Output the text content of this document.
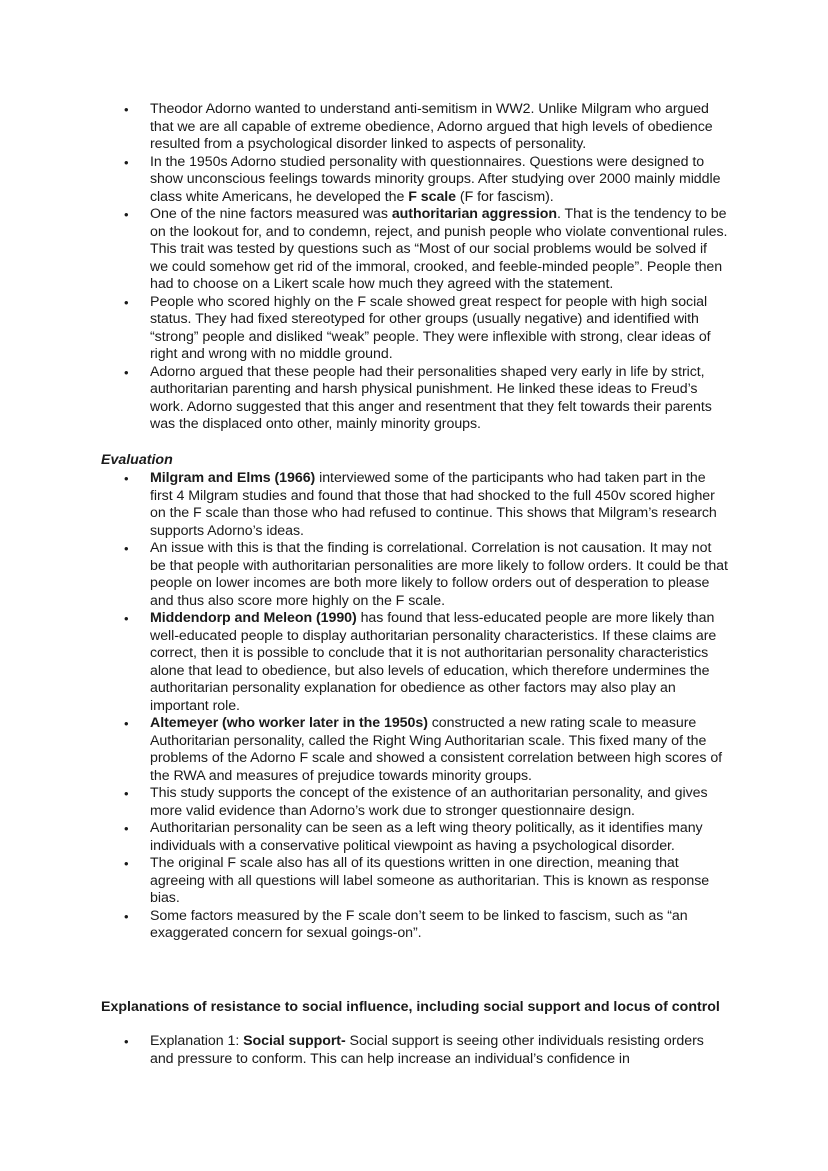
• Theodor Adorno wanted to understand anti-semitism in WW2. Unlike Milgram who argued that we are all capable of extreme obedience, Adorno argued that high levels of obedience resulted from a psychological disorder linked to aspects of personality.
• In the 1950s Adorno studied personality with questionnaires. Questions were designed to show unconscious feelings towards minority groups. After studying over 2000 mainly middle class white Americans, he developed the F scale (F for fascism).
• One of the nine factors measured was authoritarian aggression. That is the tendency to be on the lookout for, and to condemn, reject, and punish people who violate conventional rules. This trait was tested by questions such as “Most of our social problems would be solved if we could somehow get rid of the immoral, crooked, and feeble-minded people”. People then had to choose on a Likert scale how much they agreed with the statement.
• People who scored highly on the F scale showed great respect for people with high social status. They had fixed stereotyped for other groups (usually negative) and identified with “strong” people and disliked “weak” people. They were inflexible with strong, clear ideas of right and wrong with no middle ground.
• Adorno argued that these people had their personalities shaped very early in life by strict, authoritarian parenting and harsh physical punishment. He linked these ideas to Freud’s work. Adorno suggested that this anger and resentment that they felt towards their parents was the displaced onto other, mainly minority groups.
Evaluation
• Milgram and Elms (1966) interviewed some of the participants who had taken part in the first 4 Milgram studies and found that those that had shocked to the full 450v scored higher on the F scale than those who had refused to continue. This shows that Milgram’s research supports Adorno’s ideas.
• An issue with this is that the finding is correlational. Correlation is not causation. It may not be that people with authoritarian personalities are more likely to follow orders. It could be that people on lower incomes are both more likely to follow orders out of desperation to please and thus also score more highly on the F scale.
• Middendorp and Meleon (1990) has found that less-educated people are more likely than well-educated people to display authoritarian personality characteristics. If these claims are correct, then it is possible to conclude that it is not authoritarian personality characteristics alone that lead to obedience, but also levels of education, which therefore undermines the authoritarian personality explanation for obedience as other factors may also play an important role.
• Altemeyer (who worker later in the 1950s) constructed a new rating scale to measure Authoritarian personality, called the Right Wing Authoritarian scale. This fixed many of the problems of the Adorno F scale and showed a consistent correlation between high scores of the RWA and measures of prejudice towards minority groups.
• This study supports the concept of the existence of an authoritarian personality, and gives more valid evidence than Adorno’s work due to stronger questionnaire design.
• Authoritarian personality can be seen as a left wing theory politically, as it identifies many individuals with a conservative political viewpoint as having a psychological disorder.
• The original F scale also has all of its questions written in one direction, meaning that agreeing with all questions will label someone as authoritarian. This is known as response bias.
• Some factors measured by the F scale don’t seem to be linked to fascism, such as “an exaggerated concern for sexual goings-on”.
Explanations of resistance to social influence, including social support and locus of control
• Explanation 1: Social support- Social support is seeing other individuals resisting orders and pressure to conform. This can help increase an individual’s confidence in
